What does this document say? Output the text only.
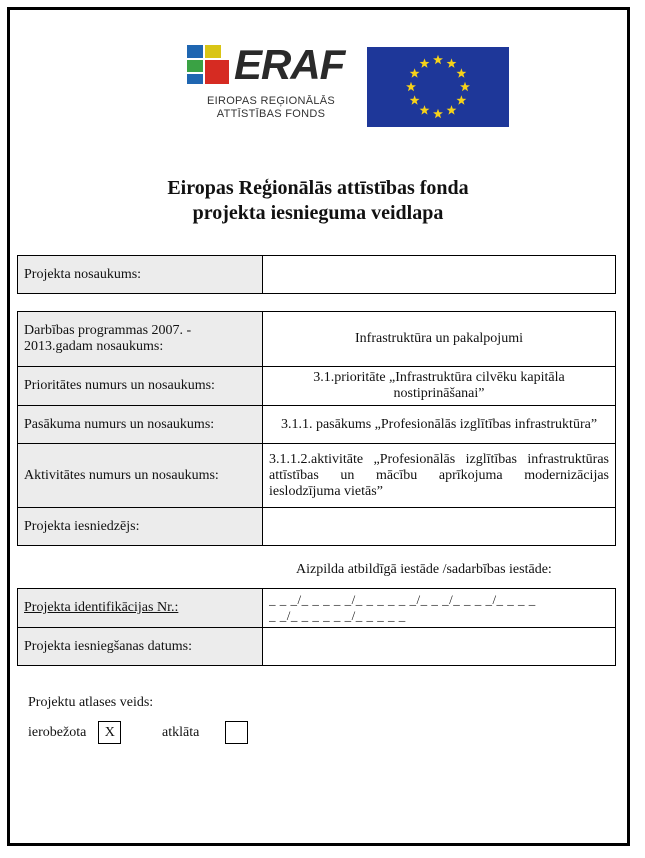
ERAF
EIROPAS REĢIONĀLĀS
ATTĪSTĪBAS FONDS
Eiropas Reģionālās attīstības fonda
projekta iesnieguma veidlapa
Projekta nosaukums:	
Darbības programmas 2007. - 2013.gadam nosaukums:	Infrastruktūra un pakalpojumi
Prioritātes numurs un nosaukums:	3.1.prioritāte „Infrastruktūra cilvēku kapitāla nostiprināšanai”
Pasākuma numurs un nosaukums:	3.1.1. pasākums „Profesionālās izglītības infrastruktūra”
Aktivitātes numurs un nosaukums:	3.1.1.2.aktivitāte „Profesionālās izglītības infrastruktūras attīstības un mācību aprīkojuma modernizācijas ieslodzījuma vietās”
Projekta iesniedzējs:	
Aizpilda atbildīgā iestāde /sadarbības iestāde:
Projekta identifikācijas Nr.:	_ _ _/_ _ _ _ _/_ _ _ _ _ _/_ _ _/_ _ _ _/_ _ _ _
_ _/_ _ _ _ _ _/_ _ _ _ _

Projekta iesniegšanas datums:	
Projektu atlases veids:
ierobežota	X	atklāta
